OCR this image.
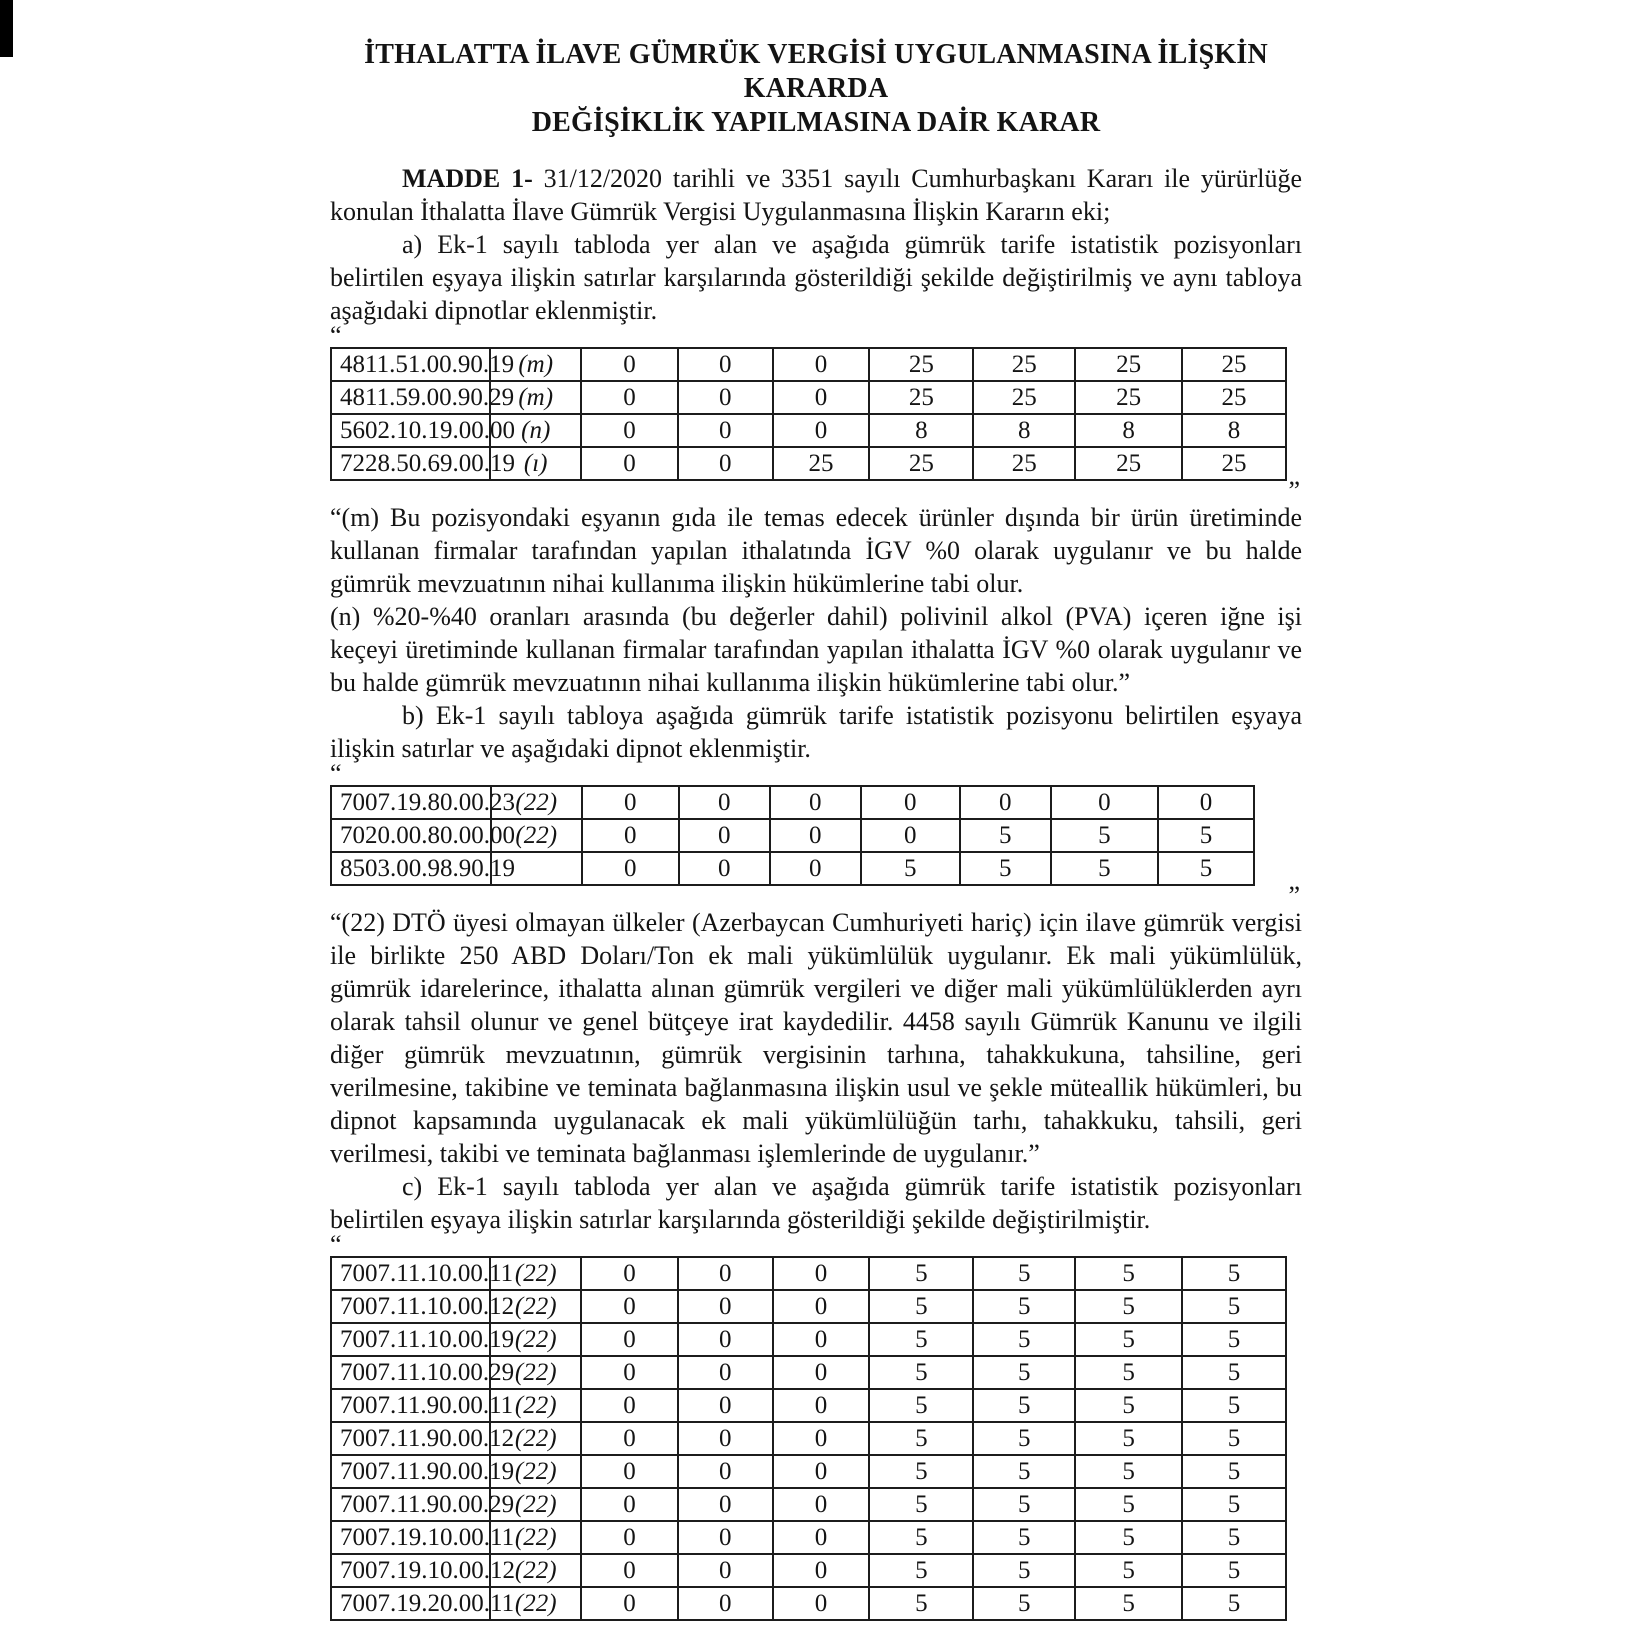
İTHALATTA İLAVE GÜMRÜK VERGİSİ UYGULANMASINA İLİŞKİN KARARDA
DEĞİŞİKLİK YAPILMASINA DAİR KARAR

MADDE 1- 31/12/2020 tarihli ve 3351 sayılı Cumhurbaşkanı Kararı ile yürürlüğe konulan İthalatta İlave Gümrük Vergisi Uygulanmasına İlişkin Kararın eki;

a) Ek-1 sayılı tabloda yer alan ve aşağıda gümrük tarife istatistik pozisyonları belirtilen eşyaya ilişkin satırlar karşılarında gösterildiği şekilde değiştirilmiş ve aynı tabloya aşağıdaki dipnotlar eklenmiştir.

“
4811.51.00.90.19	(m)	0	0	0	25	25	25	25
4811.59.00.90.29	(m)	0	0	0	25	25	25	25
5602.10.19.00.00	(n)	0	0	0	8	8	8	8
7228.50.69.00.19	(ı)	0	0	25	25	25	25	25
”

“(m) Bu pozisyondaki eşyanın gıda ile temas edecek ürünler dışında bir ürün üretiminde kullanan firmalar tarafından yapılan ithalatında İGV %0 olarak uygulanır ve bu halde gümrük mevzuatının nihai kullanıma ilişkin hükümlerine tabi olur.

(n) %20-%40 oranları arasında (bu değerler dahil) polivinil alkol (PVA) içeren iğne işi keçeyi üretiminde kullanan firmalar tarafından yapılan ithalatta İGV %0 olarak uygulanır ve bu halde gümrük mevzuatının nihai kullanıma ilişkin hükümlerine tabi olur.”

b) Ek-1 sayılı tabloya aşağıda gümrük tarife istatistik pozisyonu belirtilen eşyaya ilişkin satırlar ve aşağıdaki dipnot eklenmiştir.

“
7007.19.80.00.23	(22)	0	0	0	0	0	0	0
7020.00.80.00.00	(22)	0	0	0	0	5	5	5
8503.00.98.90.19		0	0	0	5	5	5	5
”

“(22) DTÖ üyesi olmayan ülkeler (Azerbaycan Cumhuriyeti hariç) için ilave gümrük vergisi ile birlikte 250 ABD Doları/Ton ek mali yükümlülük uygulanır. Ek mali yükümlülük, gümrük idarelerince, ithalatta alınan gümrük vergileri ve diğer mali yükümlülüklerden ayrı olarak tahsil olunur ve genel bütçeye irat kaydedilir. 4458 sayılı Gümrük Kanunu ve ilgili diğer gümrük mevzuatının, gümrük vergisinin tarhına, tahakkukuna, tahsiline, geri verilmesine, takibine ve teminata bağlanmasına ilişkin usul ve şekle müteallik hükümleri, bu dipnot kapsamında uygulanacak ek mali yükümlülüğün tarhı, tahakkuku, tahsili, geri verilmesi, takibi ve teminata bağlanması işlemlerinde de uygulanır.”

c) Ek-1 sayılı tabloda yer alan ve aşağıda gümrük tarife istatistik pozisyonları belirtilen eşyaya ilişkin satırlar karşılarında gösterildiği şekilde değiştirilmiştir.

“
7007.11.10.00.11	(22)	0	0	0	5	5	5	5
7007.11.10.00.12	(22)	0	0	0	5	5	5	5
7007.11.10.00.19	(22)	0	0	0	5	5	5	5
7007.11.10.00.29	(22)	0	0	0	5	5	5	5
7007.11.90.00.11	(22)	0	0	0	5	5	5	5
7007.11.90.00.12	(22)	0	0	0	5	5	5	5
7007.11.90.00.19	(22)	0	0	0	5	5	5	5
7007.11.90.00.29	(22)	0	0	0	5	5	5	5
7007.19.10.00.11	(22)	0	0	0	5	5	5	5
7007.19.10.00.12	(22)	0	0	0	5	5	5	5
7007.19.20.00.11	(22)	0	0	0	5	5	5	5
